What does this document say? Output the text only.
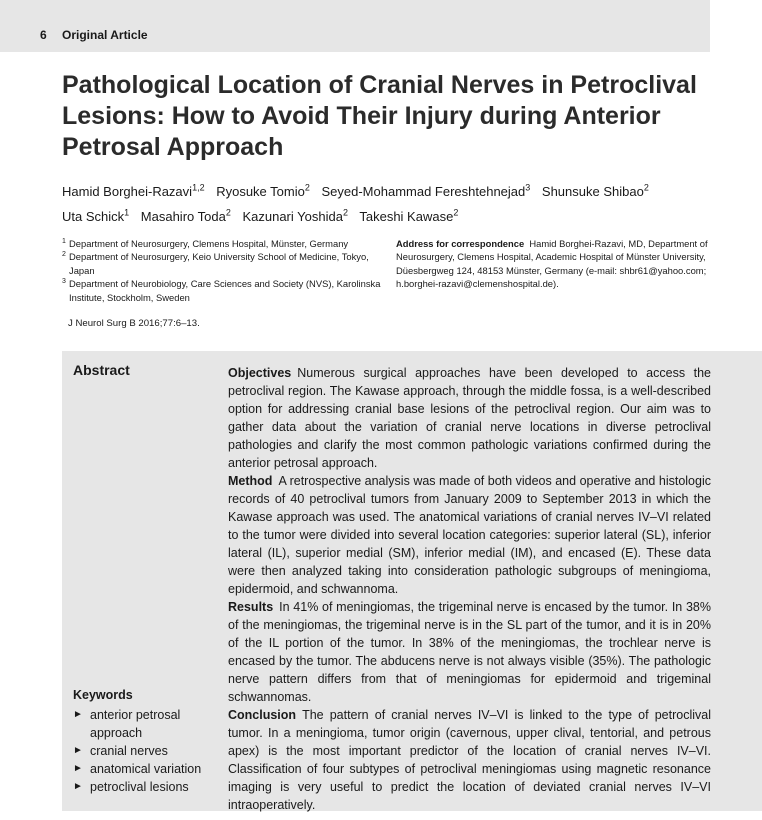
6 Original Article
Pathological Location of Cranial Nerves in Petroclival Lesions: How to Avoid Their Injury during Anterior Petrosal Approach
Hamid Borghei-Razavi$^{1,2}$ Ryosuke Tomio$^2$ Seyed-Mohammad Fereshtehnejad$^3$ Shunsuke Shibao$^2$
Uta Schick$^1$ Masahiro Toda$^2$ Kazunari Yoshida$^2$ Takeshi Kawase$^2$
1 Department of Neurosurgery, Clemens Hospital, Münster, Germany
2 Department of Neurosurgery, Keio University School of Medicine, Tokyo, Japan
3 Department of Neurobiology, Care Sciences and Society (NVS), Karolinska Institute, Stockholm, Sweden
Address for correspondence Hamid Borghei-Razavi, MD, Department of Neurosurgery, Clemens Hospital, Academic Hospital of Münster University, Düesbergweg 124, 48153 Münster, Germany (e-mail: shbr61@yahoo.com; h.borghei-razavi@clemenshospital.de).
J Neurol Surg B 2016;77:6–13.
Abstract	Objectives Numerous surgical approaches have been developed to access the petroclival region. The Kawase approach, through the middle fossa, is a well-described option for addressing cranial base lesions of the petroclival region. Our aim was to gather data about the variation of cranial nerve locations in diverse petroclival pathologies and clarify the most common pathologic variations confirmed during the anterior petrosal approach.

Method A retrospective analysis was made of both videos and operative and histologic records of 40 petroclival tumors from January 2009 to September 2013 in which the Kawase approach was used. The anatomical variations of cranial nerves IV–VI related to the tumor were divided into several location categories: superior lateral (SL), inferior lateral (IL), superior medial (SM), inferior medial (IM), and encased (E). These data were then analyzed taking into consideration pathologic subgroups of meningioma, epidermoid, and schwannoma.

Results In 41% of meningiomas, the trigeminal nerve is encased by the tumor. In 38% of the meningiomas, the trigeminal nerve is in the SL part of the tumor, and it is in 20% of the IL portion of the tumor. In 38% of the meningiomas, the trochlear nerve is encased by the tumor. The abducens nerve is not always visible (35%). The pathologic nerve pattern differs from that of meningiomas for epidermoid and trigeminal schwannomas.

Conclusion The pattern of cranial nerves IV–VI is linked to the type of petroclival tumor. In a meningioma, tumor origin (cavernous, upper clival, tentorial, and petrous apex) is the most important predictor of the location of cranial nerves IV–VI. Classification of four subtypes of petroclival meningiomas using magnetic resonance imaging is very useful to predict the location of deviated cranial nerves IV–VI intraoperatively.

Keywords
► anterior petrosal approach
► cranial nerves
► anatomical variation
► petroclival lesions
